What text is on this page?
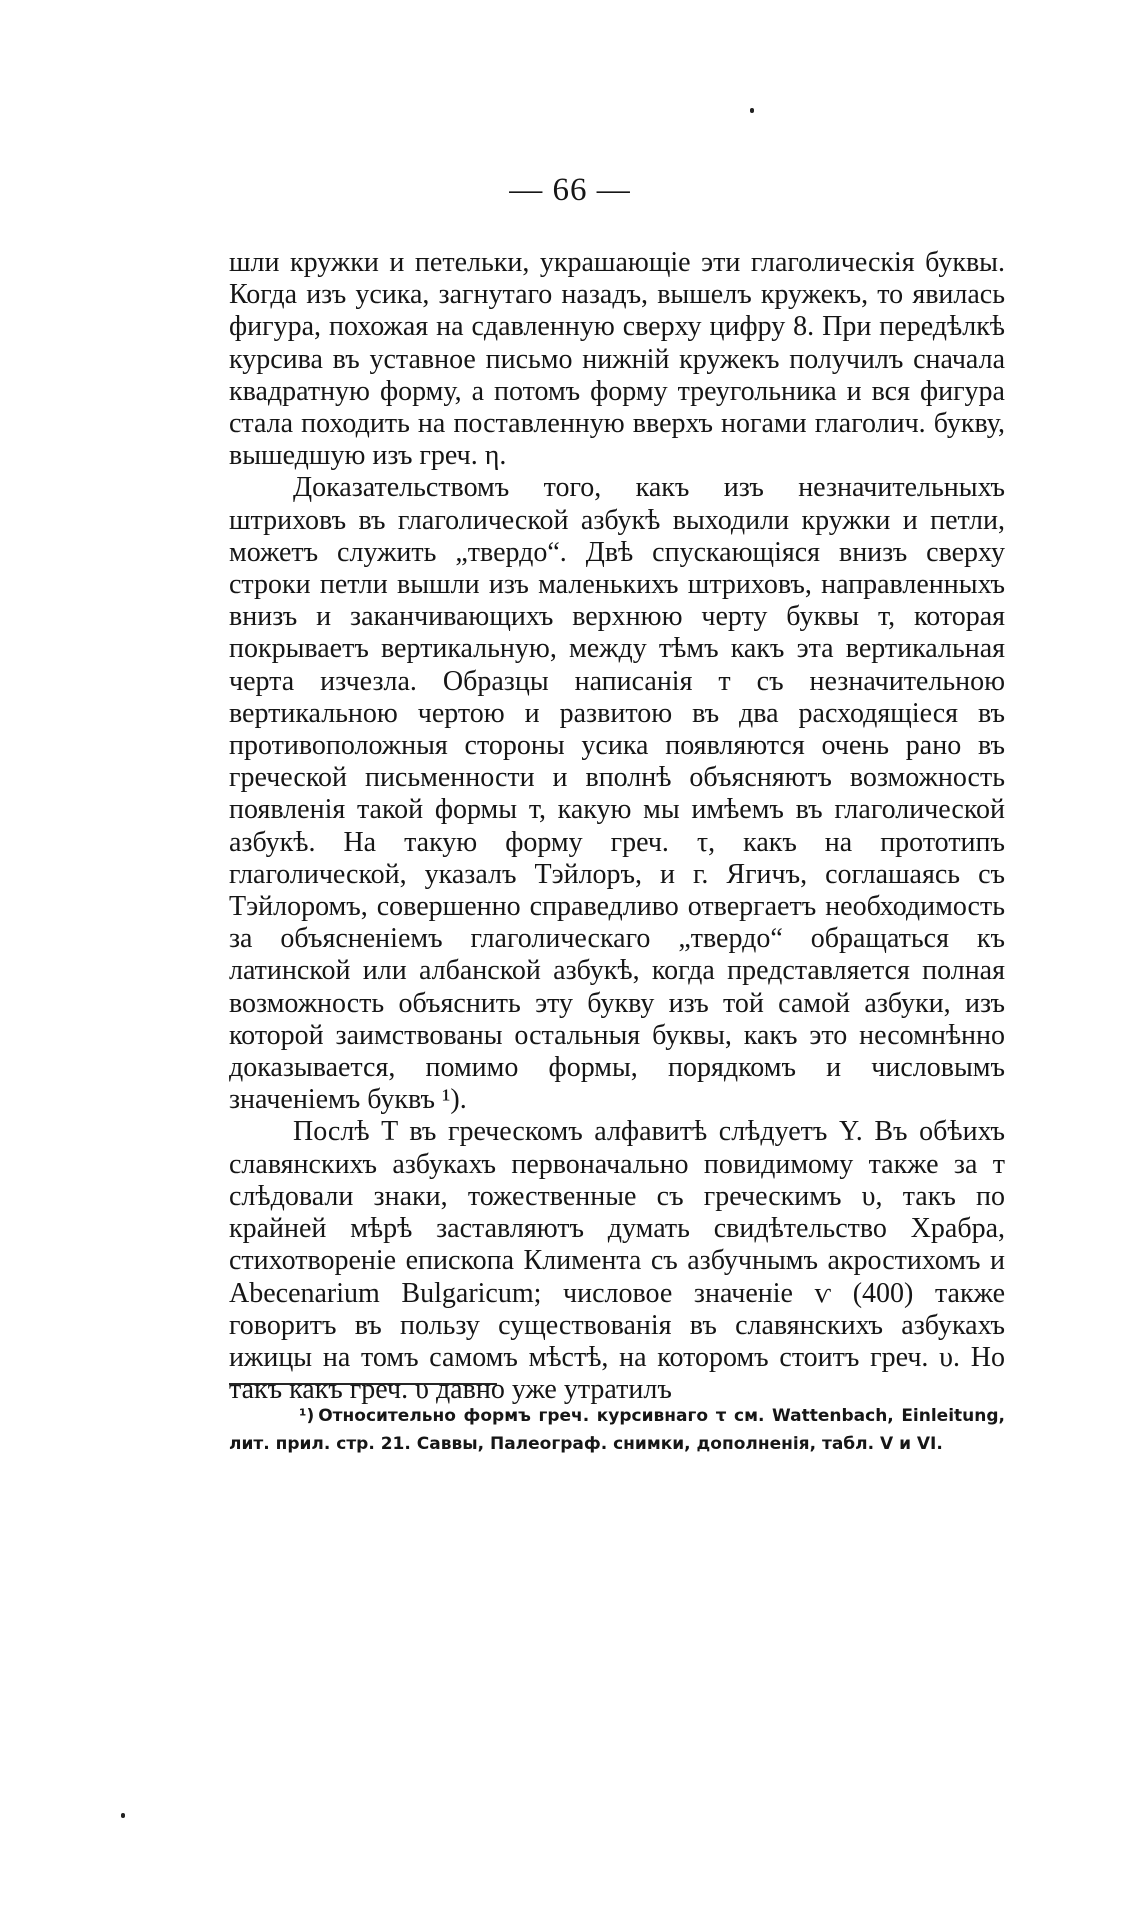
— 66 —

шли кружки и петельки, украшающіе эти глаголическія буквы. Когда изъ усика, загнутаго назадъ, вышелъ кружекъ, то явилась фигура, похожая на сдавленную сверху цифру 8. При передѣлкѣ курсива въ уставное письмо нижній кружекъ получилъ сначала квадратную форму, а потомъ форму треугольника и вся фигура стала походить на поставленную вверхъ ногами глаголич. букву, вышедшую изъ греч. η.

Доказательствомъ того, какъ изъ незначительныхъ штриховъ въ глаголической азбукѣ выходили кружки и петли, можетъ служить „твердо“. Двѣ спускающіяся внизъ сверху строки петли вышли изъ маленькихъ штриховъ, направленныхъ внизъ и заканчивающихъ верхнюю черту буквы т, которая покрываетъ вертикальную, между тѣмъ какъ эта вертикальная черта изчезла. Образцы написанія т съ незначительною вертикальною чертою и развитою въ два расходящіеся въ противоположныя стороны усика появляются очень рано въ греческой письменности и вполнѣ объясняютъ возможность появленія такой формы т, какую мы имѣемъ въ глаголической азбукѣ. На такую форму греч. τ, какъ на прототипъ глаголической, указалъ Тэйлоръ, и г. Ягичъ, соглашаясь съ Тэйлоромъ, совершенно справедливо отвергаетъ необходимость за объясненіемъ глаголическаго „твердо“ обращаться къ латинской или албанской азбукѣ, когда представляется полная возможность объяснить эту букву изъ той самой азбуки, изъ которой заимствованы остальныя буквы, какъ это несомнѣнно доказывается, помимо формы, порядкомъ и числовымъ значеніемъ буквъ ¹).

Послѣ Τ въ греческомъ алфавитѣ слѣдуетъ Υ. Въ обѣихъ славянскихъ азбукахъ первоначально повидимому также за т слѣдовали знаки, тожественные съ греческимъ υ, такъ по крайней мѣрѣ заставляютъ думать свидѣтельство Храбра, стихотвореніе епископа Климента съ азбучнымъ акростихомъ и Abecenarium Bulgaricum; числовое значеніе ѵ (400) также говоритъ въ пользу существованія въ славянскихъ азбукахъ ижицы на томъ самомъ мѣстѣ, на которомъ стоитъ греч. υ. Но такъ какъ греч. υ давно уже утратилъ

¹) Относительно формъ греч. курсивнаго τ см. Wattenbach, Einleitung, лит. прил. стр. 21. Саввы, Палеограф. снимки, дополненія, табл. V и VI.
